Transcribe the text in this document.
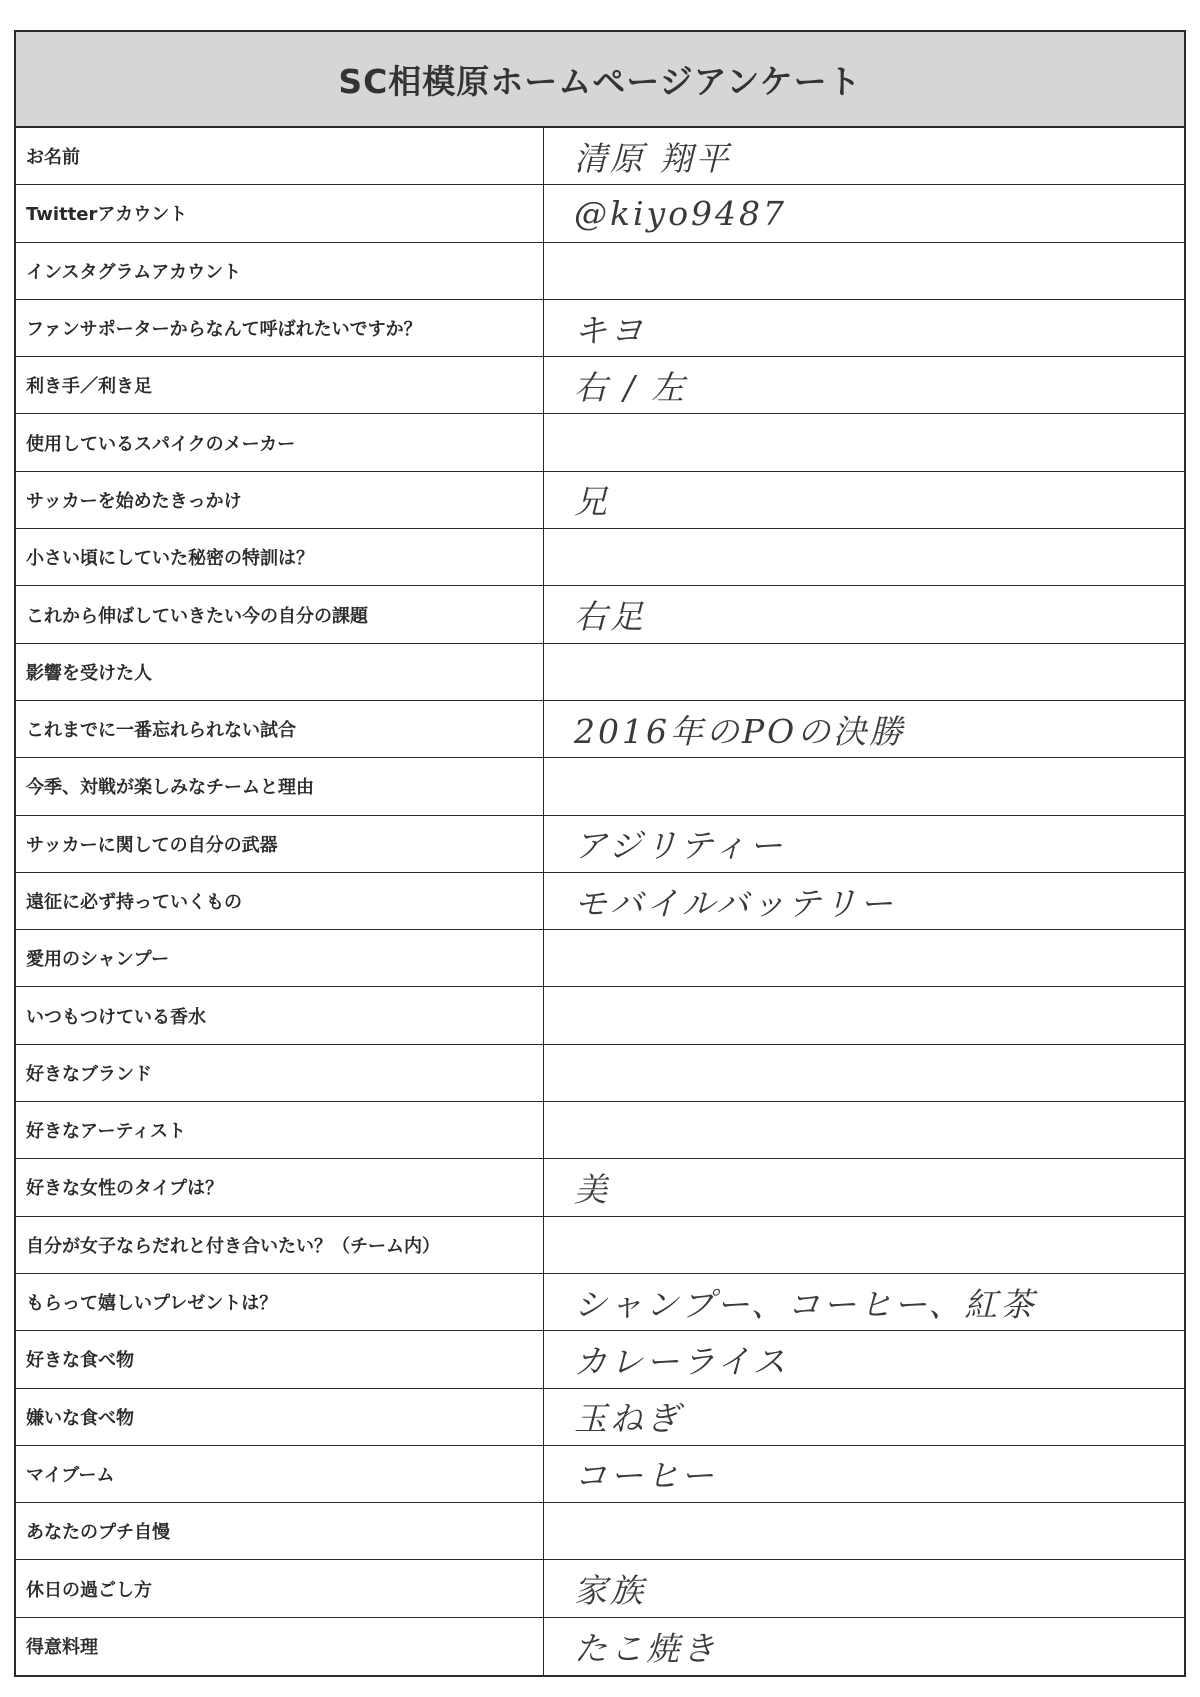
SC相模原ホームページアンケート
お名前	清原 翔平
Twitterアカウント	@kiyo9487
インスタグラムアカウント
ファンサポーターからなんて呼ばれたいですか？	キヨ
利き手／利き足	右 / 左
使用しているスパイクのメーカー
サッカーを始めたきっかけ	兄
小さい頃にしていた秘密の特訓は？
これから伸ばしていきたい今の自分の課題	右足
影響を受けた人
これまでに一番忘れられない試合	2016年のPOの決勝
今季、対戦が楽しみなチームと理由
サッカーに関しての自分の武器	アジリティー
遠征に必ず持っていくもの	モバイルバッテリー
愛用のシャンプー
いつもつけている香水
好きなブランド
好きなアーティスト
好きな女性のタイプは？	美
自分が女子ならだれと付き合いたい？（チーム内）
もらって嬉しいプレゼントは？	シャンプー、コーヒー、紅茶
好きな食べ物	カレーライス
嫌いな食べ物	玉ねぎ
マイブーム	コーヒー
あなたのプチ自慢
休日の過ごし方	家族
得意料理	たこ焼き
